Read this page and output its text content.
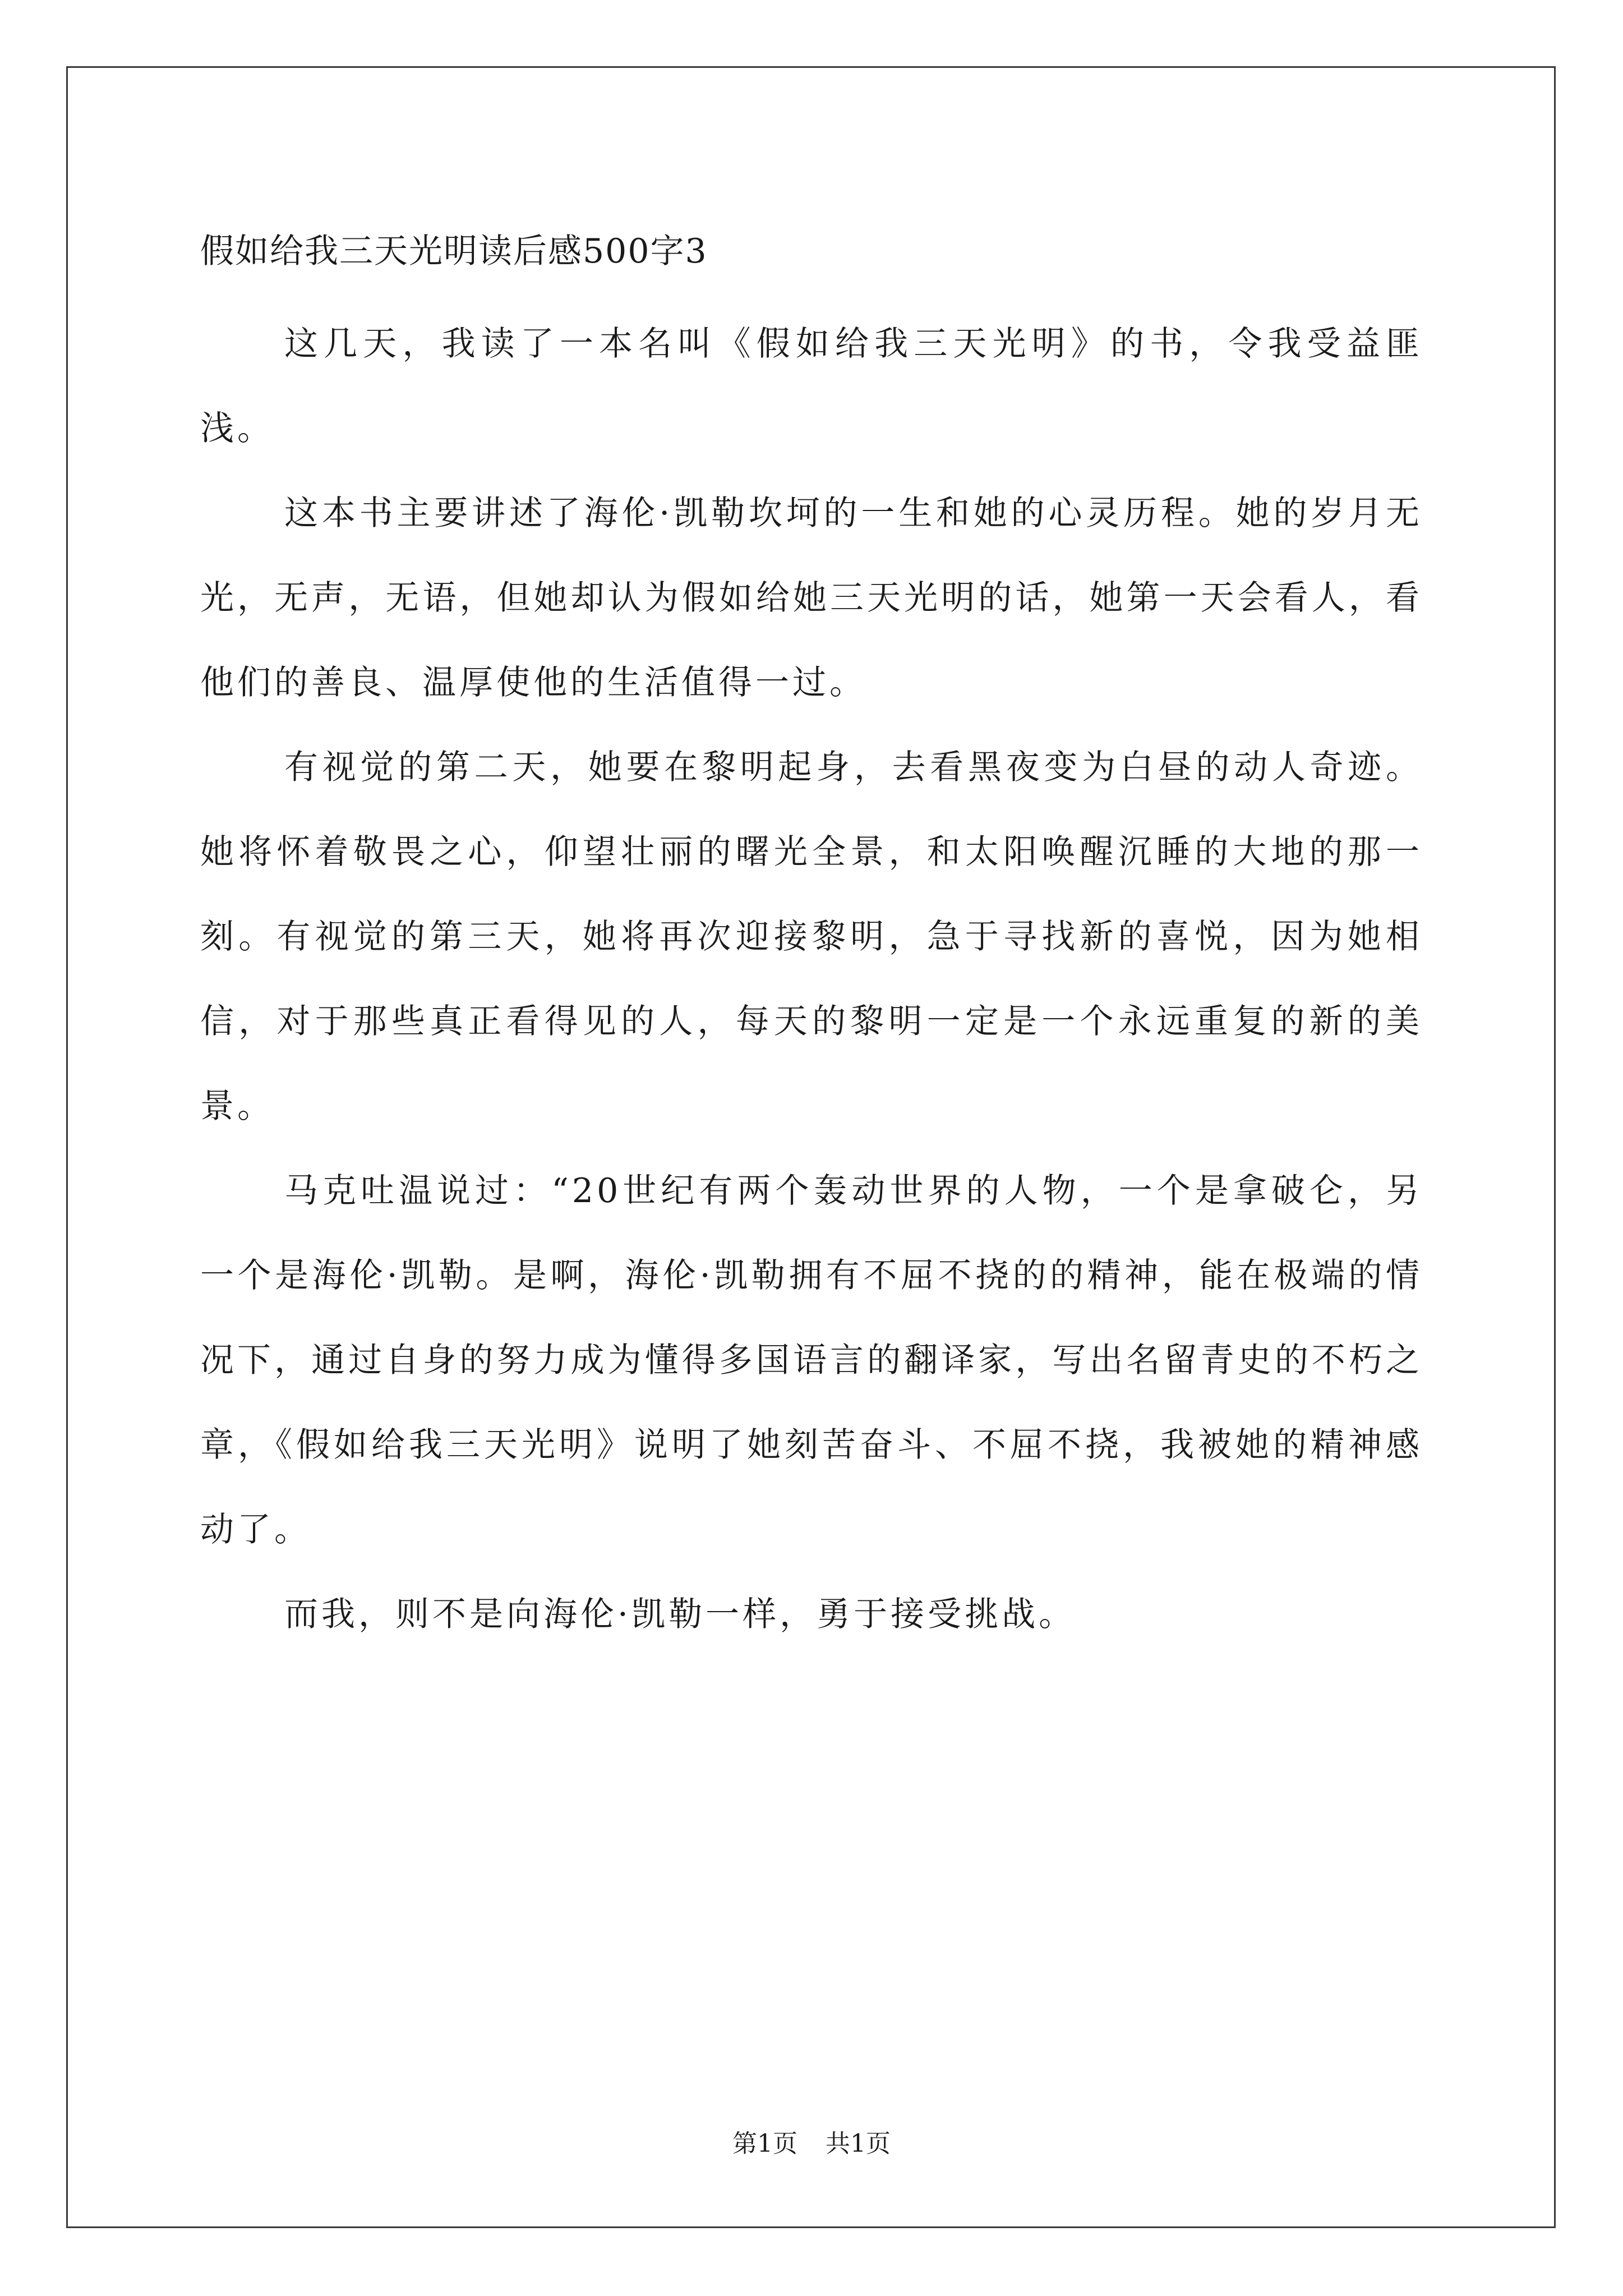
假如给我三天光明读后感500字3

这几天，我读了一本名叫《假如给我三天光明》的书，令我受益匪浅。

这本书主要讲述了海伦·凯勒坎坷的一生和她的心灵历程。她的岁月无光，无声，无语，但她却认为假如给她三天光明的话，她第一天会看人，看他们的善良、温厚使他的生活值得一过。

有视觉的第二天，她要在黎明起身，去看黑夜变为白昼的动人奇迹。她将怀着敬畏之心，仰望壮丽的曙光全景，和太阳唤醒沉睡的大地的那一刻。有视觉的第三天，她将再次迎接黎明，急于寻找新的喜悦，因为她相信，对于那些真正看得见的人，每天的黎明一定是一个永远重复的新的美景。

马克吐温说过：“20世纪有两个轰动世界的人物，一个是拿破仑，另一个是海伦·凯勒。是啊，海伦·凯勒拥有不屈不挠的的精神，能在极端的情况下，通过自身的努力成为懂得多国语言的翻译家，写出名留青史的不朽之章，《假如给我三天光明》说明了她刻苦奋斗、不屈不挠，我被她的精神感动了。

而我，则不是向海伦·凯勒一样，勇于接受挑战。

第1页 共1页
